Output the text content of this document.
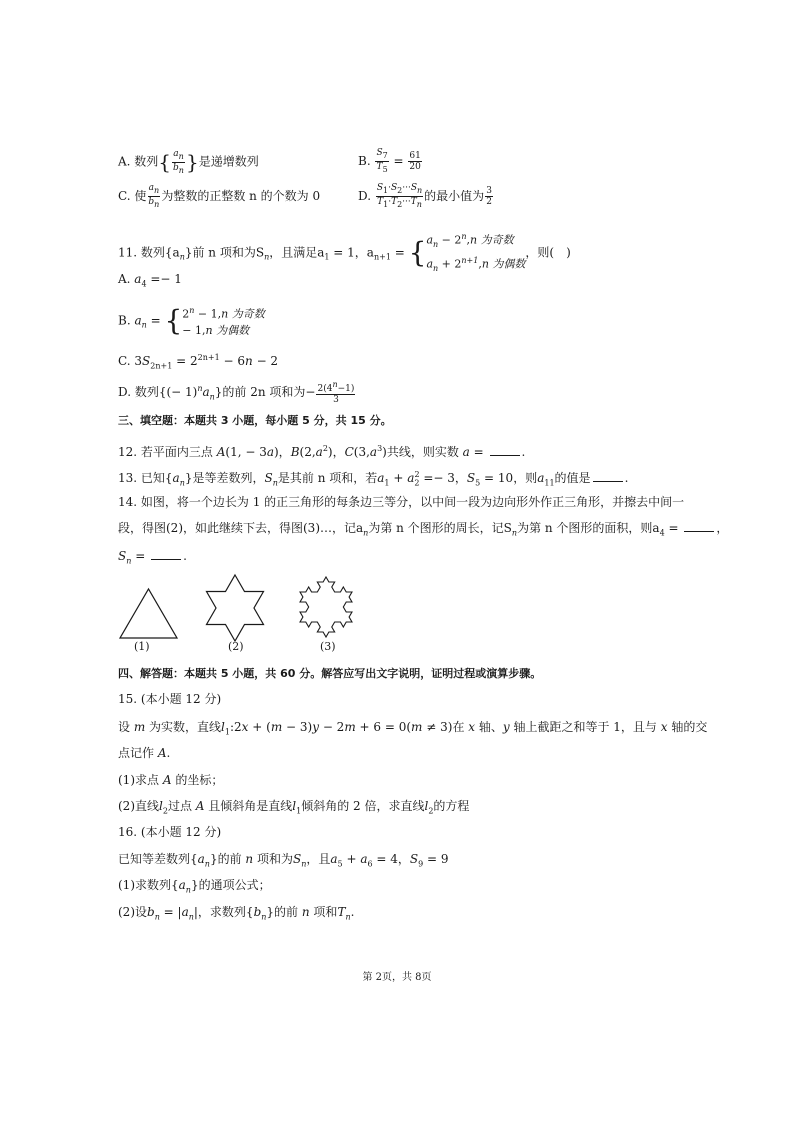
A. 数列{ $\frac{a_n}{b_n}$ }是递增数列	B. $\frac{S_7}{T_5} = \frac{61}{20}$
C. 使 $\frac{a_n}{b_n}$ 为整数的正整数 n 的个数为 0	D. $\frac{S_1\cdot S_2\cdot\cdot\cdot S_n}{T_1\cdot T_2\cdot\cdot\cdot T_n}$ 的最小值为 $\frac{3}{2}$
11. 数列$\{a_n\}$前 n 项和为$S_n$，且满足$a_1 = 1$，$a_{n+1}$ = { $a_n - 2^n,n$ 为奇数
$a_n + 2^{n+1},n$ 为偶数
，则(　)
A. $a_4 =- 1$
B. $a_n$ = { $2^n - 1,n$ 为奇数
− 1,n 为偶数
C. $3S_{2n+1} = 2^{2n+1} - 6n - 2$
D. 数列{(− $1)^na_n$}的前 2n 项和为− $\frac{2(4^n-1)}{3}$
三、填空题：本题共 3 小题，每小题 5 分，共 15 分。
12. 若平面内三点 A(1, − 3a)，$B(2,a^2)$，$C(3,a^3)$共线，则实数 a =	.
13. 已知$\{a_n\}$是等差数列，$S_n$是其前 n 项和，若$a_1 + a_2^2 =- 3$，$S_5 = 10$，则$a_{11}$的值是	.
14. 如图，将一个边长为 1 的正三角形的每条边三等分，以中间一段为边向形外作正三角形，并擦去中间一
段，得图(2)，如此继续下去，得图(3)…，记$a_n$为第 n 个图形的周长，记$S_n$为第 n 个图形的面积，则$a_4$ =	，
$S_n$ =	.
(1)	(2)	(3)
四、解答题：本题共 5 小题，共 60 分。解答应写出文字说明，证明过程或演算步骤。
15. (本小题 12 分)
设 m 为实数，直线$l_1:2x + (m - 3)y - 2m + 6 = 0(m \ne 3)$在 x 轴、y 轴上截距之和等于 1，且与 x 轴的交
点记作 A.
(1)求点 A 的坐标；
(2)直线$l_2$过点 A 且倾斜角是直线$l_1$倾斜角的 2 倍，求直线$l_2$的方程
16. (本小题 12 分)
已知等差数列$\{a_n\}$的前 n 项和为$S_n$，且$a_5 + a_6 = 4$，$S_9 = 9$
(1)求数列$\{a_n\}$的通项公式；
(2)设$b_n = |a_n|$，求数列$\{b_n\}$的前 n 项和$T_n$.
第 2页，共 8页
